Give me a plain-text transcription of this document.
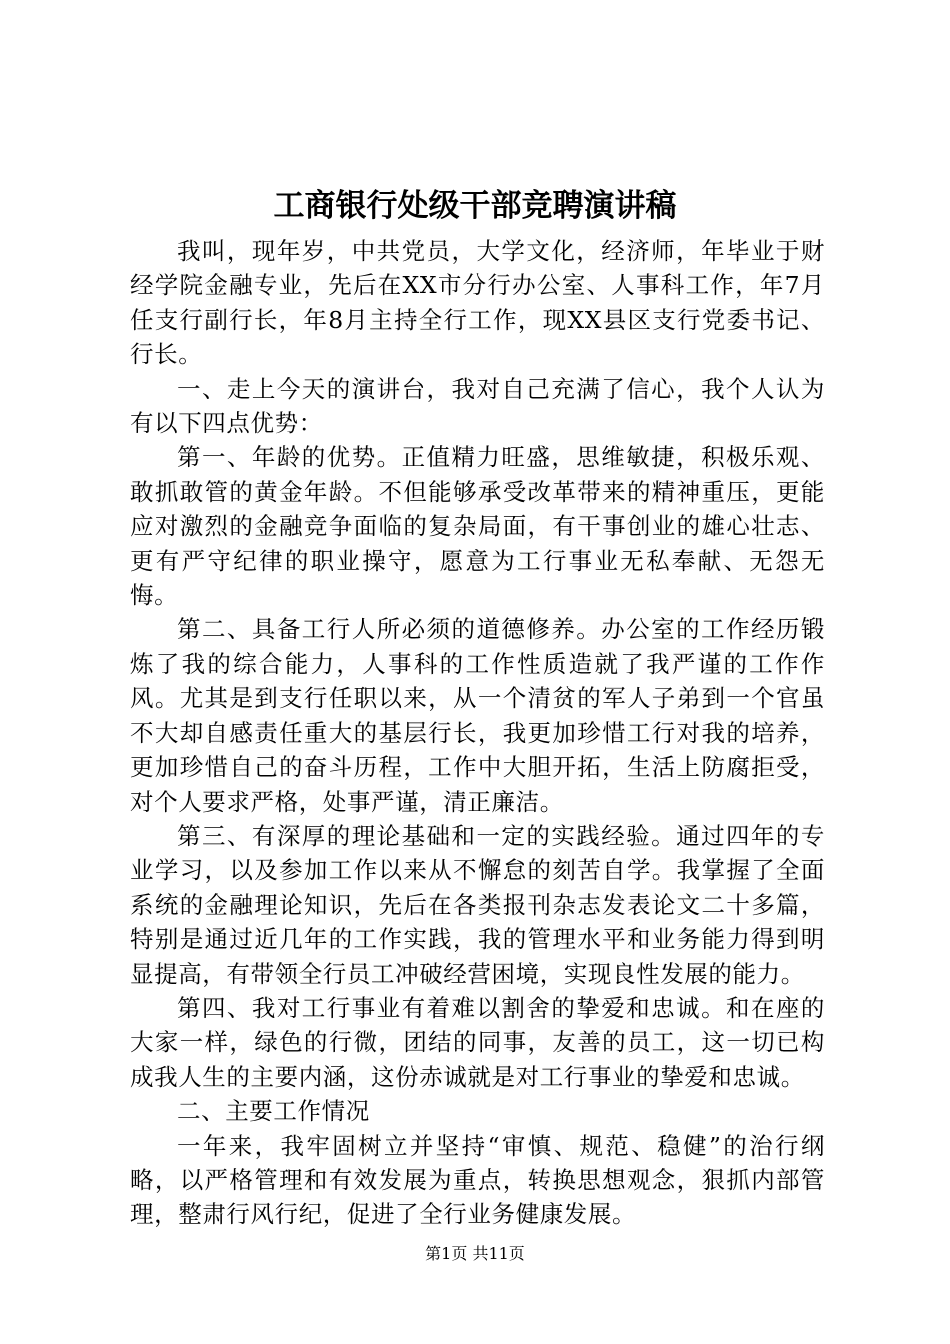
工商银行处级干部竞聘演讲稿

我叫，现年岁，中共党员，大学文化，经济师，年毕业于财经学院金融专业，先后在XX市分行办公室、人事科工作，年7月任支行副行长，年8月主持全行工作，现XX县区支行党委书记、行长。

一、走上今天的演讲台，我对自己充满了信心，我个人认为有以下四点优势：

第一、年龄的优势。正值精力旺盛，思维敏捷，积极乐观、敢抓敢管的黄金年龄。不但能够承受改革带来的精神重压，更能应对激烈的金融竞争面临的复杂局面，有干事创业的雄心壮志、更有严守纪律的职业操守，愿意为工行事业无私奉献、无怨无悔。

第二、具备工行人所必须的道德修养。办公室的工作经历锻炼了我的综合能力，人事科的工作性质造就了我严谨的工作作风。尤其是到支行任职以来，从一个清贫的军人子弟到一个官虽不大却自感责任重大的基层行长，我更加珍惜工行对我的培养，更加珍惜自己的奋斗历程，工作中大胆开拓，生活上防腐拒受，对个人要求严格，处事严谨，清正廉洁。

第三、有深厚的理论基础和一定的实践经验。通过四年的专业学习，以及参加工作以来从不懈怠的刻苦自学。我掌握了全面系统的金融理论知识，先后在各类报刊杂志发表论文二十多篇，特别是通过近几年的工作实践，我的管理水平和业务能力得到明显提高，有带领全行员工冲破经营困境，实现良性发展的能力。

第四、我对工行事业有着难以割舍的挚爱和忠诚。和在座的大家一样，绿色的行微，团结的同事，友善的员工，这一切已构成我人生的主要内涵，这份赤诚就是对工行事业的挚爱和忠诚。

二、主要工作情况

一年来，我牢固树立并坚持“审慎、规范、稳健”的治行纲略，以严格管理和有效发展为重点，转换思想观念，狠抓内部管理，整肃行风行纪，促进了全行业务健康发展。

第1页 共11页
